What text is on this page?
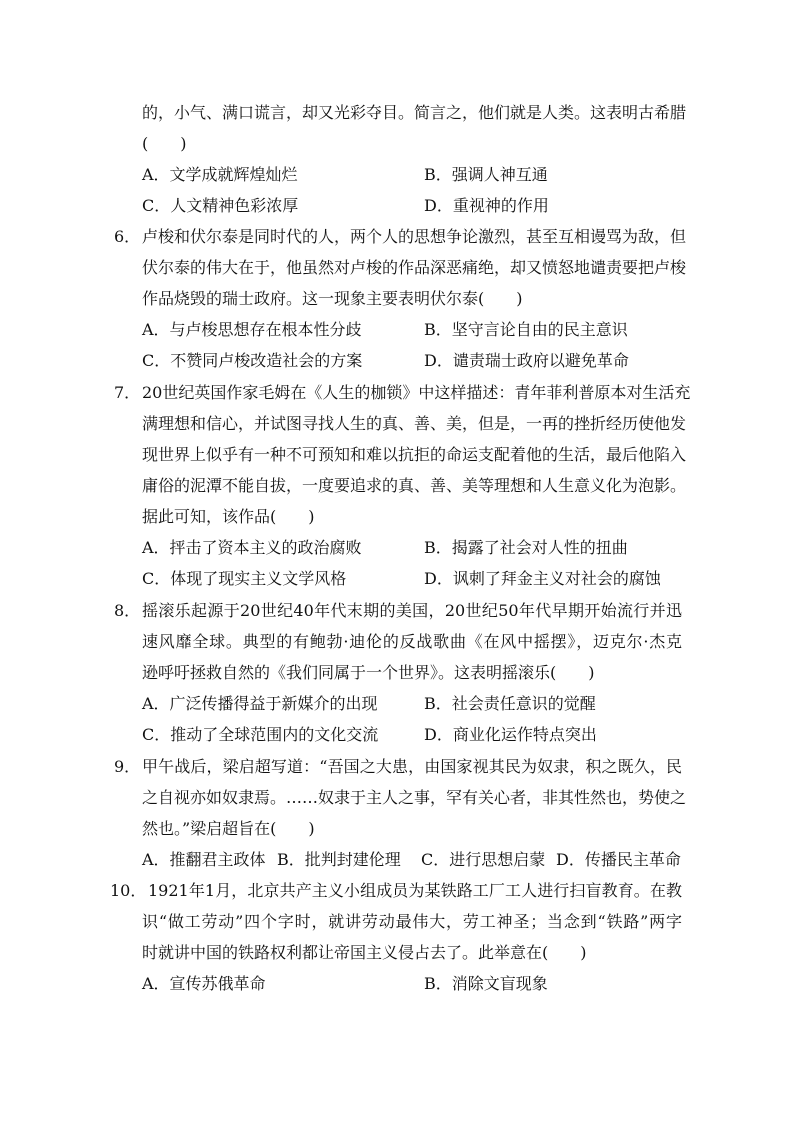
的，小气、满口谎言，却又光彩夺目。简言之，他们就是人类。这表明古希腊
(　　)
A．文学成就辉煌灿烂	B．强调人神互通
C．人文精神色彩浓厚	D．重视神的作用
6． 卢梭和伏尔泰是同时代的人，两个人的思想争论激烈，甚至互相谩骂为敌，但
伏尔泰的伟大在于，他虽然对卢梭的作品深恶痛绝，却又愤怒地谴责要把卢梭
作品烧毁的瑞士政府。这一现象主要表明伏尔泰(　　)
A．与卢梭思想存在根本性分歧	B．坚守言论自由的民主意识
C．不赞同卢梭改造社会的方案	D．谴责瑞士政府以避免革命
7． 20世纪英国作家毛姆在《人生的枷锁》中这样描述：青年菲利普原本对生活充
满理想和信心，并试图寻找人生的真、善、美，但是，一再的挫折经历使他发
现世界上似乎有一种不可预知和难以抗拒的命运支配着他的生活，最后他陷入
庸俗的泥潭不能自拔，一度要追求的真、善、美等理想和人生意义化为泡影。
据此可知，该作品(　　)
A．抨击了资本主义的政治腐败	B．揭露了社会对人性的扭曲
C．体现了现实主义文学风格	D．讽刺了拜金主义对社会的腐蚀
8． 摇滚乐起源于20世纪40年代末期的美国，20世纪50年代早期开始流行并迅
速风靡全球。典型的有鲍勃·迪伦的反战歌曲《在风中摇摆》，迈克尔·杰克
逊呼吁拯救自然的《我们同属于一个世界》。这表明摇滚乐(　　)
A．广泛传播得益于新媒介的出现	B．社会责任意识的觉醒
C．推动了全球范围内的文化交流	D．商业化运作特点突出
9． 甲午战后，梁启超写道：“吾国之大患，由国家视其民为奴隶，积之既久，民
之自视亦如奴隶焉。……奴隶于主人之事，罕有关心者，非其性然也，势使之
然也。”梁启超旨在(　　)
A．推翻君主政体 B．批判封建伦理 C．进行思想启蒙 D．传播民主革命
10． 1921年1月，北京共产主义小组成员为某铁路工厂工人进行扫盲教育。在教
识“做工劳动”四个字时，就讲劳动最伟大，劳工神圣；当念到“铁路”两字
时就讲中国的铁路权利都让帝国主义侵占去了。此举意在(　　)
A．宣传苏俄革命	B．消除文盲现象
